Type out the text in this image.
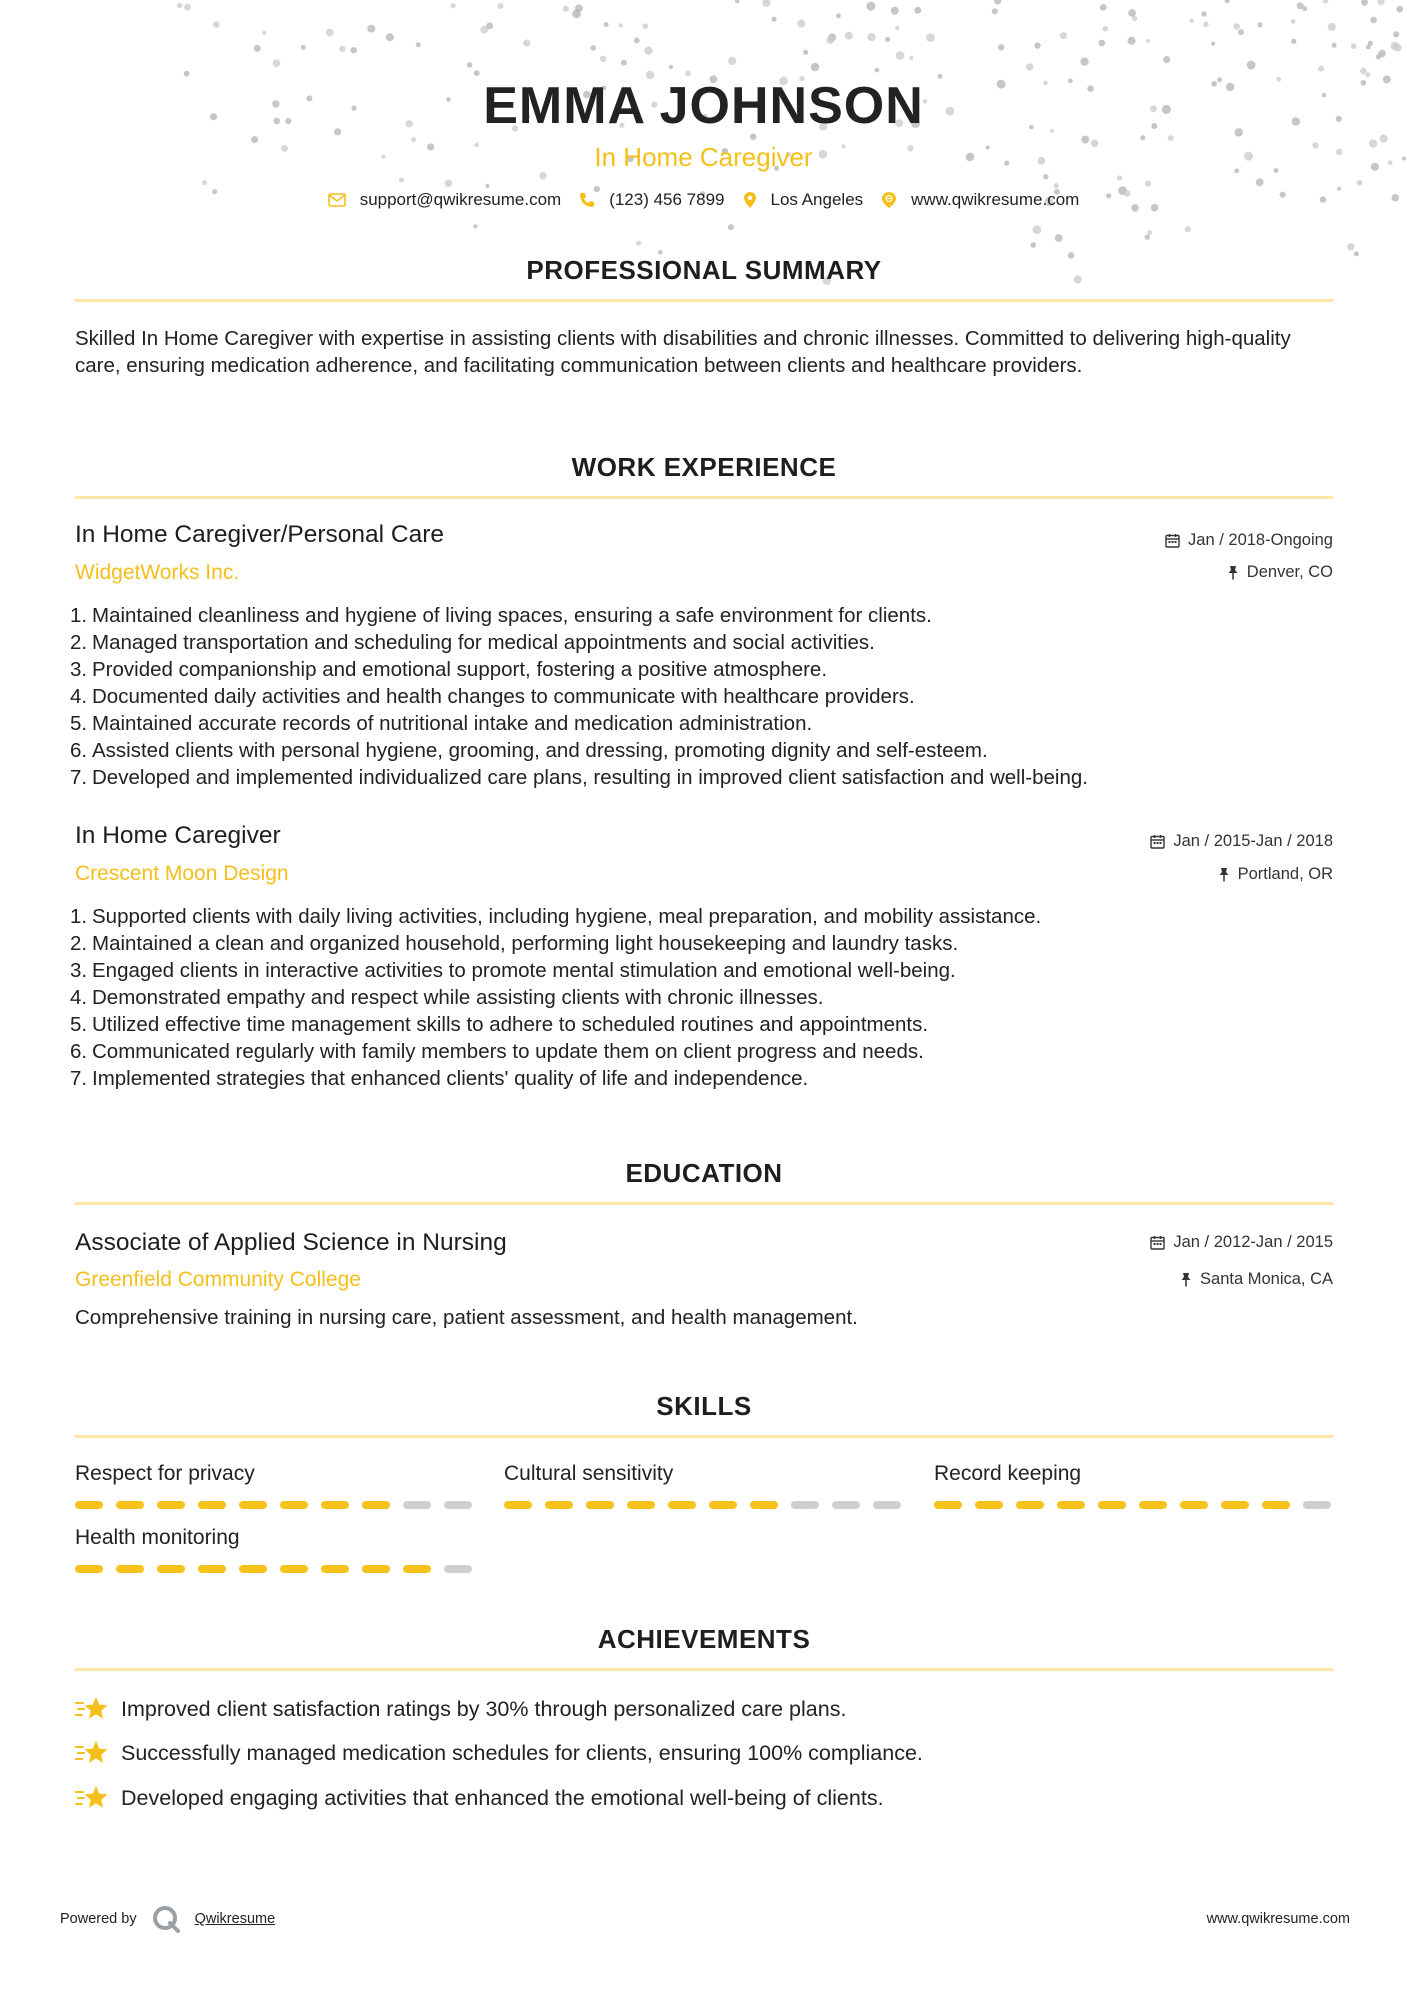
EMMA JOHNSON
In Home Caregiver
support@qwikresume.com	(123) 456 7899	Los Angeles	www.qwikresume.com
PROFESSIONAL SUMMARY
Skilled In Home Caregiver with expertise in assisting clients with disabilities and chronic illnesses. Committed to delivering high-quality care, ensuring medication adherence, and facilitating communication between clients and healthcare providers.
WORK EXPERIENCE
In Home Caregiver/Personal Care
WidgetWorks Inc.
Jan / 2018-Ongoing
Denver, CO
1. Maintained cleanliness and hygiene of living spaces, ensuring a safe environment for clients.
2. Managed transportation and scheduling for medical appointments and social activities.
3. Provided companionship and emotional support, fostering a positive atmosphere.
4. Documented daily activities and health changes to communicate with healthcare providers.
5. Maintained accurate records of nutritional intake and medication administration.
6. Assisted clients with personal hygiene, grooming, and dressing, promoting dignity and self-esteem.
7. Developed and implemented individualized care plans, resulting in improved client satisfaction and well-being.
In Home Caregiver
Crescent Moon Design
Jan / 2015-Jan / 2018
Portland, OR
1. Supported clients with daily living activities, including hygiene, meal preparation, and mobility assistance.
2. Maintained a clean and organized household, performing light housekeeping and laundry tasks.
3. Engaged clients in interactive activities to promote mental stimulation and emotional well-being.
4. Demonstrated empathy and respect while assisting clients with chronic illnesses.
5. Utilized effective time management skills to adhere to scheduled routines and appointments.
6. Communicated regularly with family members to update them on client progress and needs.
7. Implemented strategies that enhanced clients' quality of life and independence.
EDUCATION
Associate of Applied Science in Nursing
Greenfield Community College
Jan / 2012-Jan / 2015
Santa Monica, CA
Comprehensive training in nursing care, patient assessment, and health management.
SKILLS
Respect for privacy	Cultural sensitivity	Record keeping
Health monitoring
ACHIEVEMENTS
Improved client satisfaction ratings by 30% through personalized care plans.
Successfully managed medication schedules for clients, ensuring 100% compliance.
Developed engaging activities that enhanced the emotional well-being of clients.
Powered by	Qwikresume	www.qwikresume.com
